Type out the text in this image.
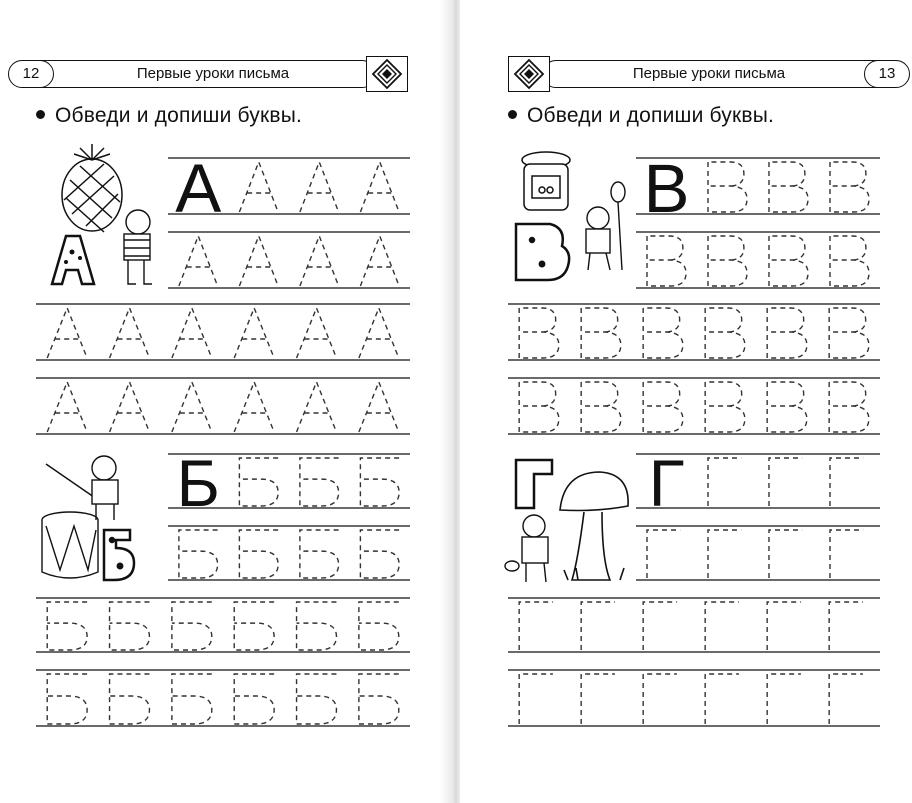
12	Первые уроки письма
Обведи и допиши буквы.
А
Б
Первые уроки письма	13
Обведи и допиши буквы.
В
Г
